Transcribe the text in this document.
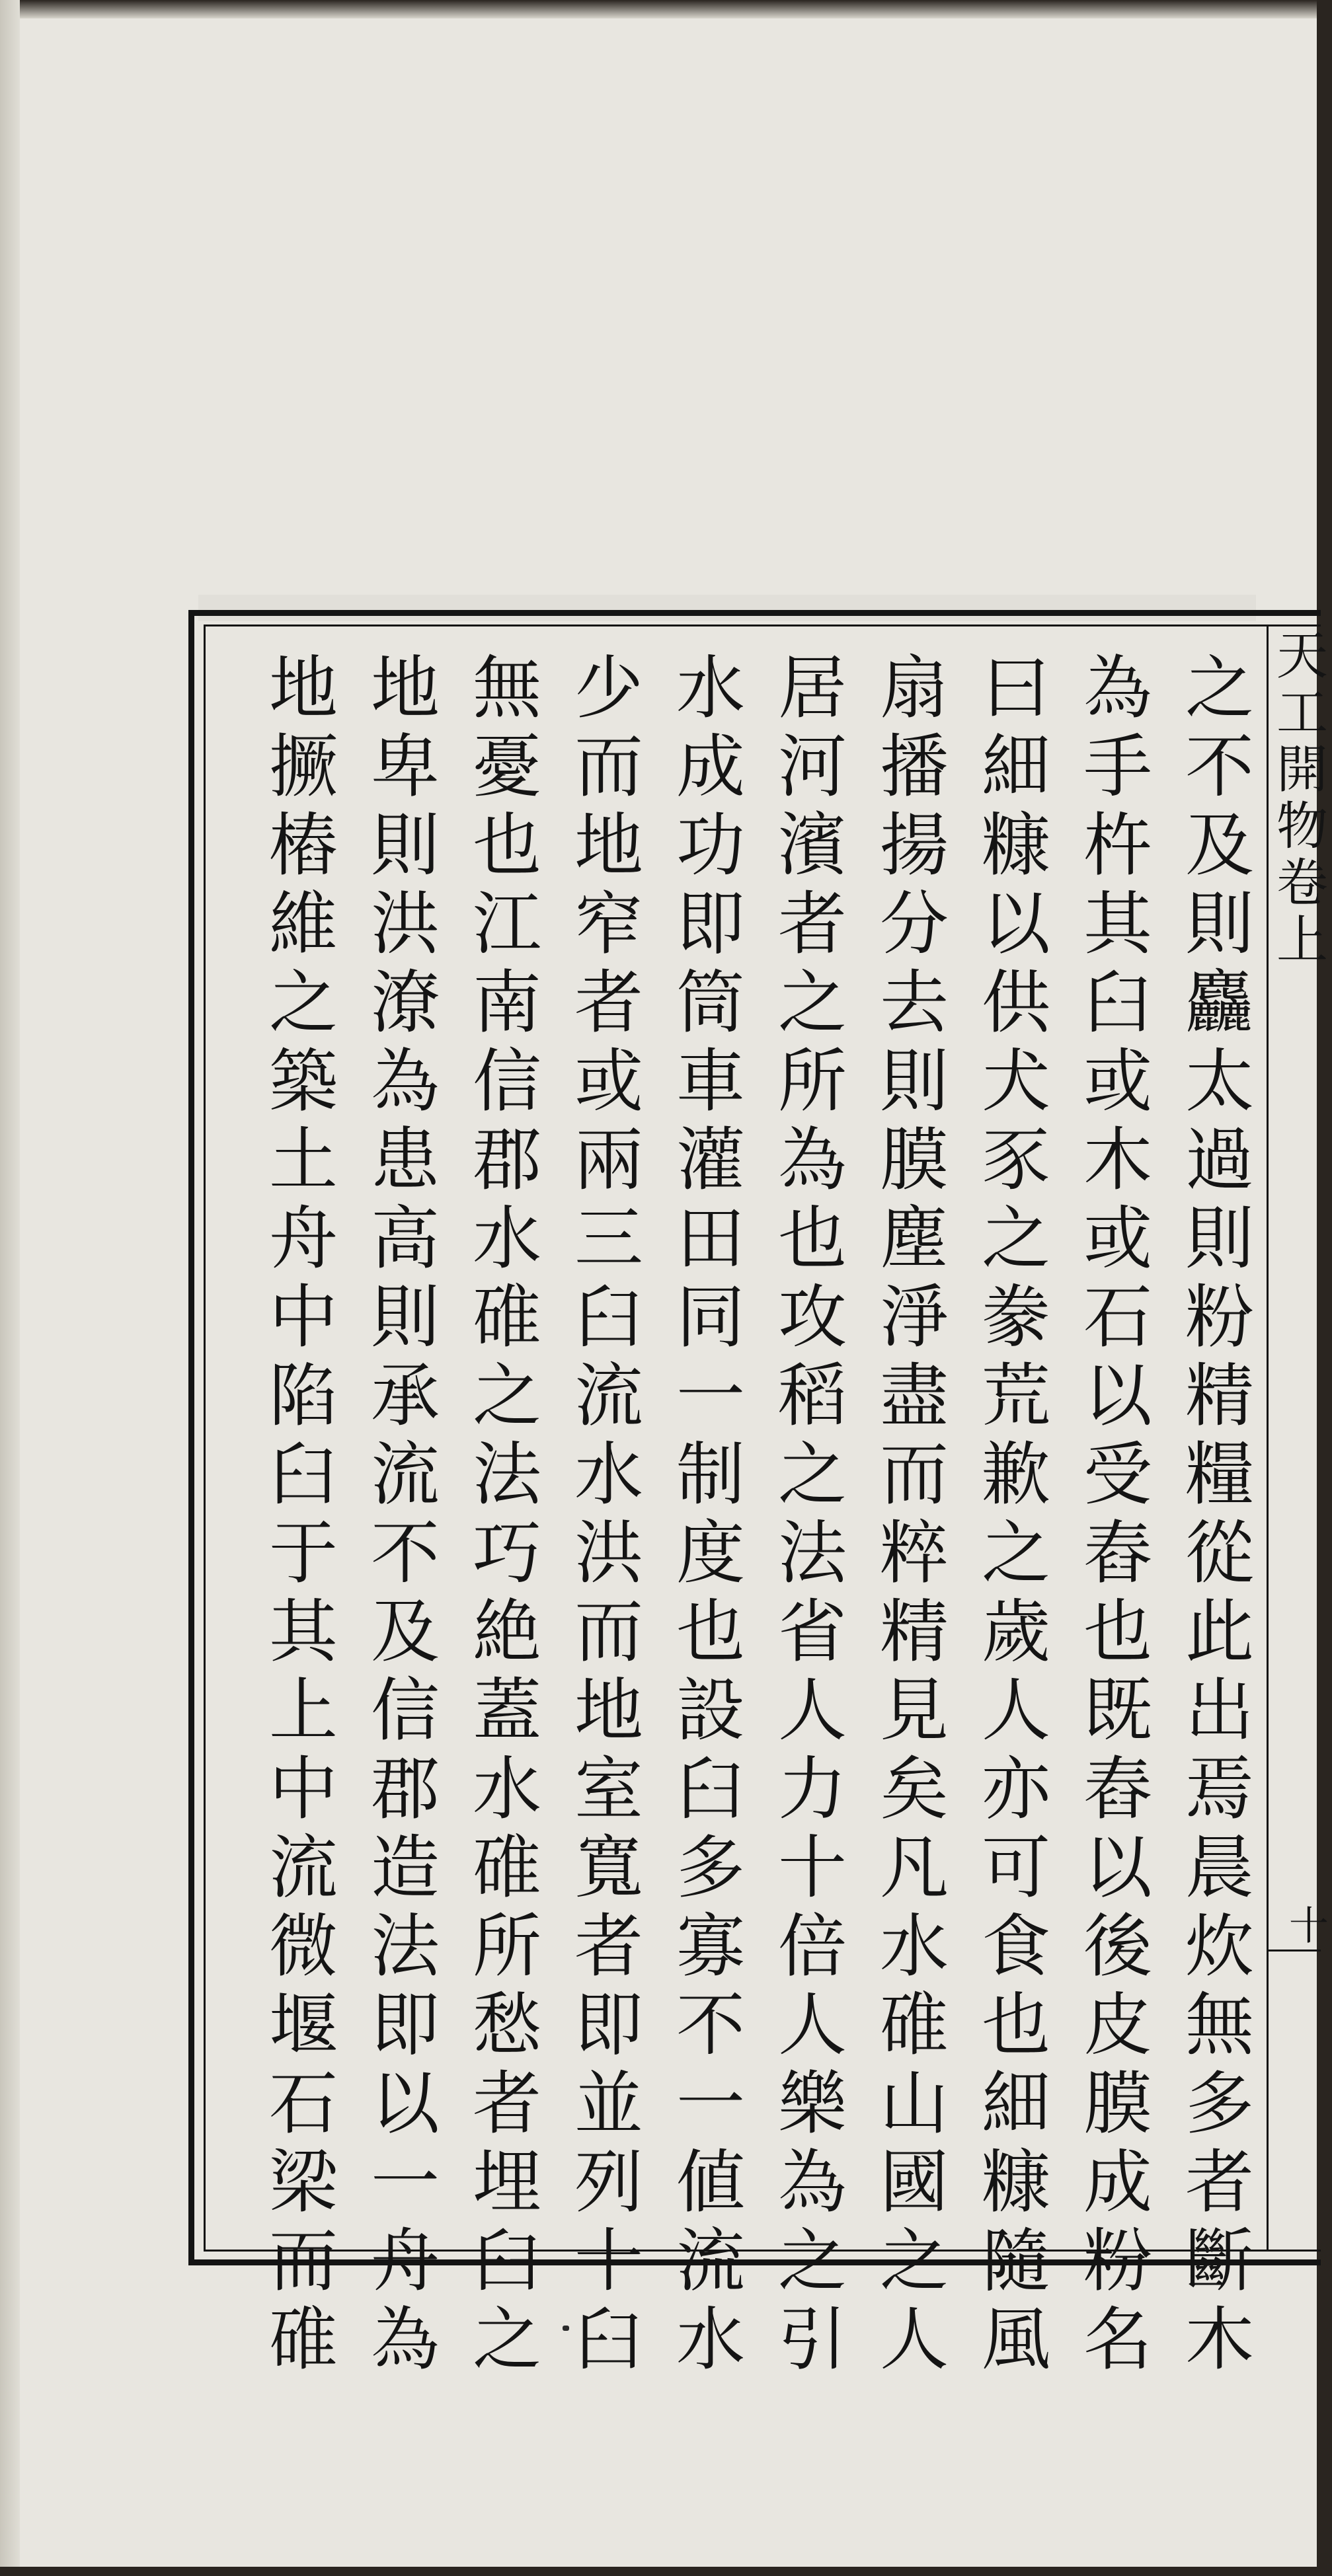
天
工
開
物
卷
上
十
之
不
及
則
麤
太
過
則
粉
精
糧
從
此
出
焉
晨
炊
無
多
者
斷
木
為
手
杵
其
臼
或
木
或
石
以
受
舂
也
既
舂
以
後
皮
膜
成
粉
名
曰
細
糠
以
供
犬
豕
之
豢
荒
歉
之
歲
人
亦
可
食
也
細
糠
隨
風
扇
播
揚
分
去
則
膜
塵
淨
盡
而
粹
精
見
矣
凡
水
碓
山
國
之
人
居
河
濱
者
之
所
為
也
攻
稻
之
法
省
人
力
十
倍
人
樂
為
之
引
水
成
功
即
筒
車
灌
田
同
一
制
度
也
設
臼
多
寡
不
一
値
流
水
少
而
地
窄
者
或
兩
三
臼
流
水
洪
而
地
室
寬
者
即
並
列
十
臼
無
憂
也
江
南
信
郡
水
碓
之
法
巧
絶
蓋
水
碓
所
愁
者
埋
臼
之
地
卑
則
洪
潦
為
患
高
則
承
流
不
及
信
郡
造
法
即
以
一
舟
為
地
撅
樁
維
之
築
土
舟
中
陷
臼
于
其
上
中
流
微
堰
石
梁
而
碓
